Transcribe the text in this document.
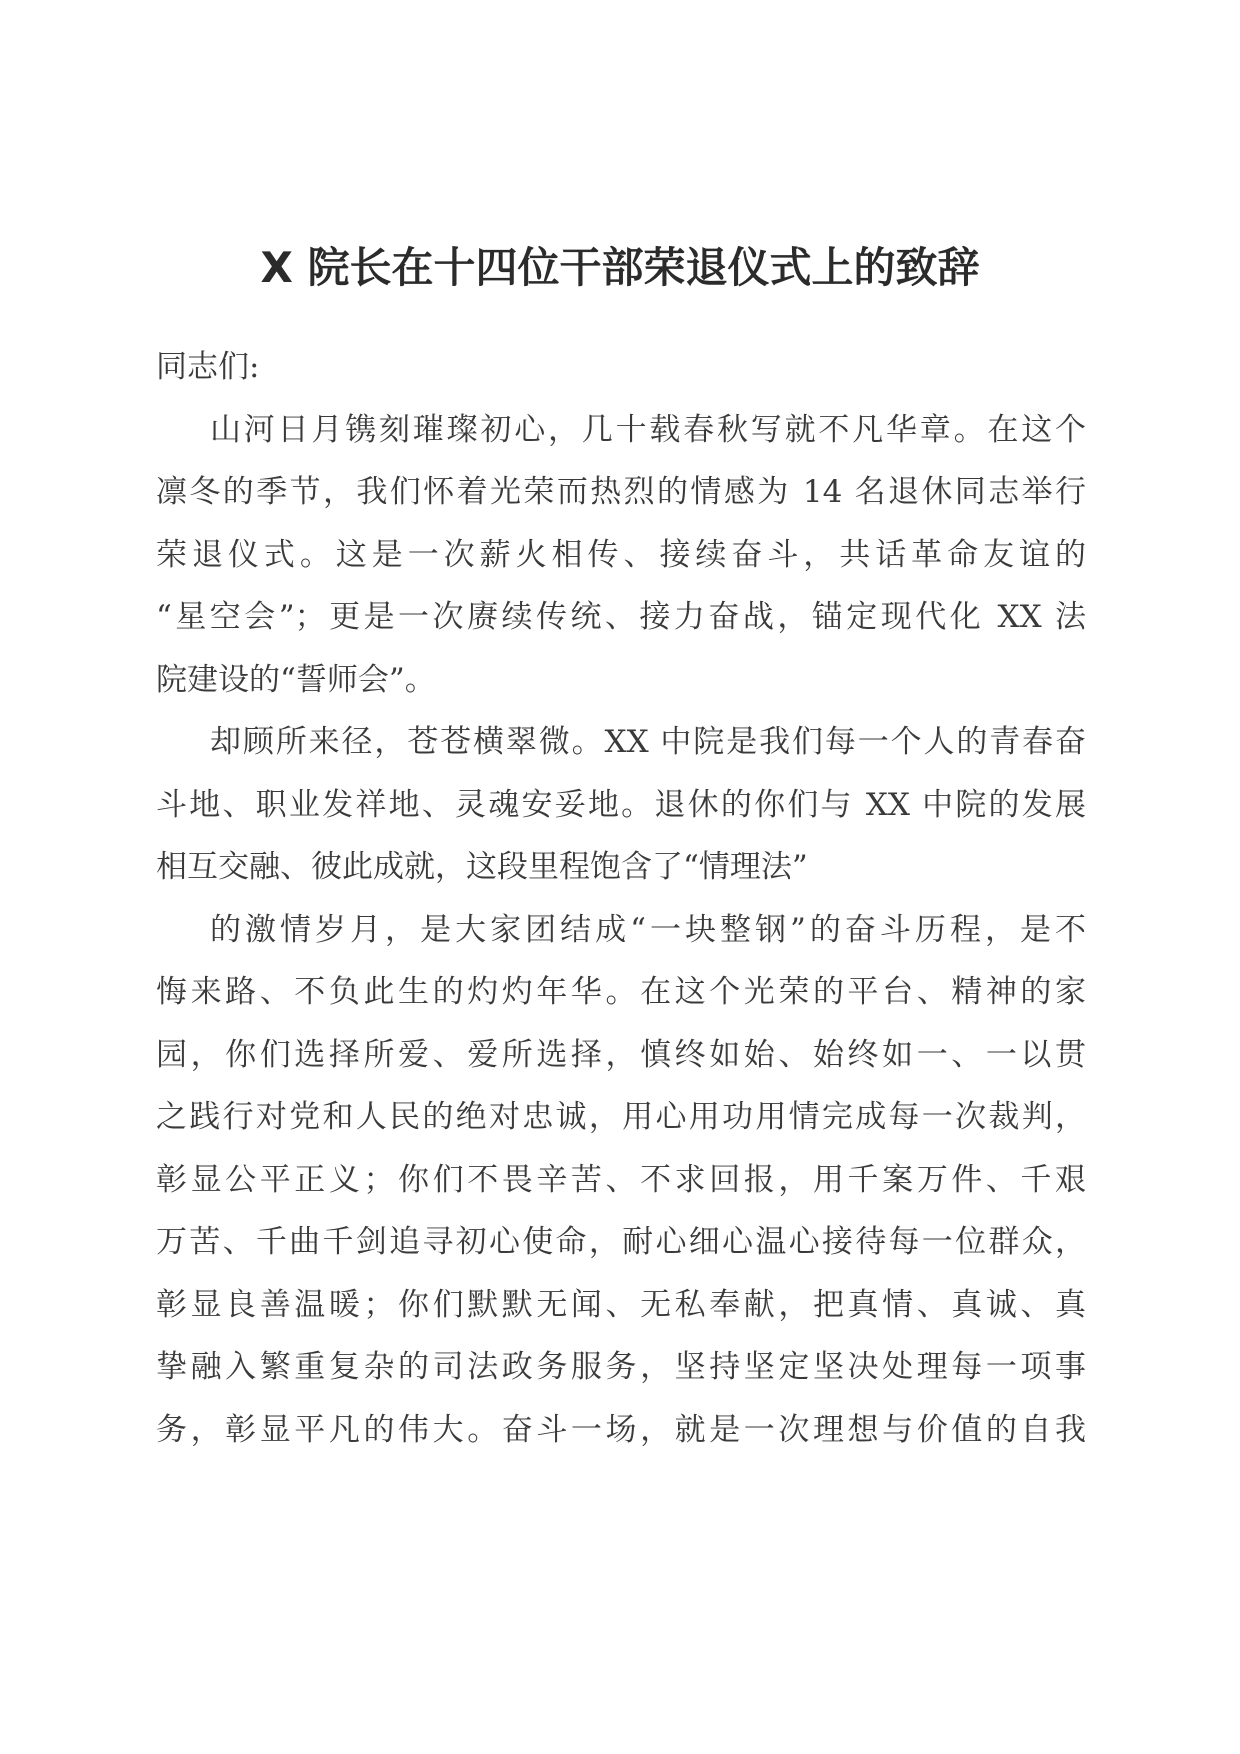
X 院长在十四位干部荣退仪式上的致辞
同志们:
山河日月镌刻璀璨初心，几十载春秋写就不凡华章。在这个
凛冬的季节，我们怀着光荣而热烈的情感为 14 名退休同志举行
荣退仪式。这是一次薪火相传、接续奋斗，共话革命友谊的
“星空会”；更是一次赓续传统、接力奋战，锚定现代化 XX 法
院建设的“誓师会”。
却顾所来径，苍苍横翠微。XX 中院是我们每一个人的青春奋
斗地、职业发祥地、灵魂安妥地。退休的你们与 XX 中院的发展
相互交融、彼此成就，这段里程饱含了“情理法”
的激情岁月，是大家团结成“一块整钢”的奋斗历程，是不
悔来路、不负此生的灼灼年华。在这个光荣的平台、精神的家
园，你们选择所爱、爱所选择，慎终如始、始终如一、一以贯
之践行对党和人民的绝对忠诚，用心用功用情完成每一次裁判，
彰显公平正义；你们不畏辛苦、不求回报，用千案万件、千艰
万苦、千曲千剑追寻初心使命，耐心细心温心接待每一位群众，
彰显良善温暖；你们默默无闻、无私奉献，把真情、真诚、真
挚融入繁重复杂的司法政务服务，坚持坚定坚决处理每一项事
务，彰显平凡的伟大。奋斗一场，就是一次理想与价值的自我
